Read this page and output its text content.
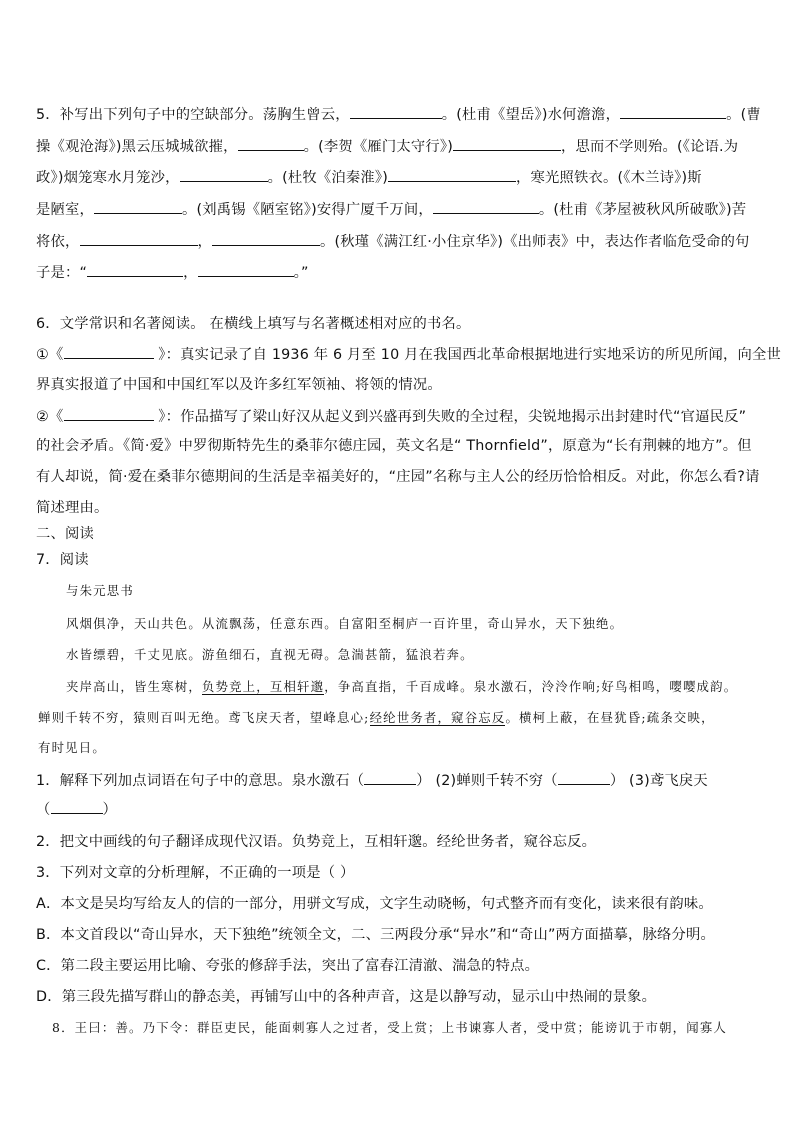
5．补写出下列句子中的空缺部分。荡胸生曾云，	。(杜甫《望岳》)水何澹澹，	。(曹
操《观沧海》)黑云压城城欲摧，	。(李贺《雁门太守行》)	，思而不学则殆。(《论语.为
政》)烟笼寒水月笼沙，	。(杜牧《泊秦淮》)	，寒光照铁衣。(《木兰诗》)斯
是陋室，	。(刘禹锡《陋室铭》)安得广厦千万间，	。(杜甫《茅屋被秋风所破歌》)苦
将依，	，	。(秋瑾《满江红·小住京华》)《出师表》中，表达作者临危受命的句
子是：“	，	。”
6．文学常识和名著阅读。 在横线上填写与名著概述相对应的书名。
①《	》：真实记录了自 1936 年 6 月至 10 月在我国西北革命根据地进行实地采访的所见所闻，向全世
界真实报道了中国和中国红军以及许多红军领袖、将领的情况。
②《	》：作品描写了梁山好汉从起义到兴盛再到失败的全过程，尖锐地揭示出封建时代“官逼民反”
的社会矛盾。《简·爱》中罗彻斯特先生的桑菲尔德庄园，英文名是“ Thornfield”，原意为“长有荆棘的地方”。但
有人却说，简·爱在桑菲尔德期间的生活是幸福美好的，“庄园”名称与主人公的经历恰恰相反。对此，你怎么看?请
简述理由。
二、阅读
7．阅读
与朱元思书
风烟俱净，天山共色。从流飘荡，任意东西。自富阳至桐庐一百许里，奇山异水，天下独绝。
水皆缥碧，千丈见底。游鱼细石，直视无碍。急湍甚箭，猛浪若奔。
夹岸高山，皆生寒树，负势竞上，互相轩邈，争高直指，千百成峰。泉水激石，泠泠作响;好鸟相鸣，嘤嘤成韵。
蝉则千转不穷，猿则百叫无绝。鸢飞戾天者，望峰息心;经纶世务者，窥谷忘反。横柯上蔽，在昼犹昏;疏条交映，
有时见日。
1．解释下列加点词语在句子中的意思。泉水激石（	） (2)蝉则千转不穷（	） (3)鸢飞戾天
（	）
2．把文中画线的句子翻译成现代汉语。负势竞上，互相轩邈。经纶世务者，窥谷忘反。
3．下列对文章的分析理解，不正确的一项是（ ）
A．本文是吴均写给友人的信的一部分，用骈文写成，文字生动晓畅，句式整齐而有变化，读来很有韵味。
B．本文首段以“奇山异水，天下独绝”统领全文，二、三两段分承“异水”和“奇山”两方面描摹，脉络分明。
C．第二段主要运用比喻、夸张的修辞手法，突出了富春江清澈、湍急的特点。
D．第三段先描写群山的静态美，再铺写山中的各种声音，这是以静写动，显示山中热闹的景象。
8．王曰：善。乃下令：群臣吏民，能面刺寡人之过者，受上赏；上书谏寡人者，受中赏；能谤讥于市朝，闻寡人
